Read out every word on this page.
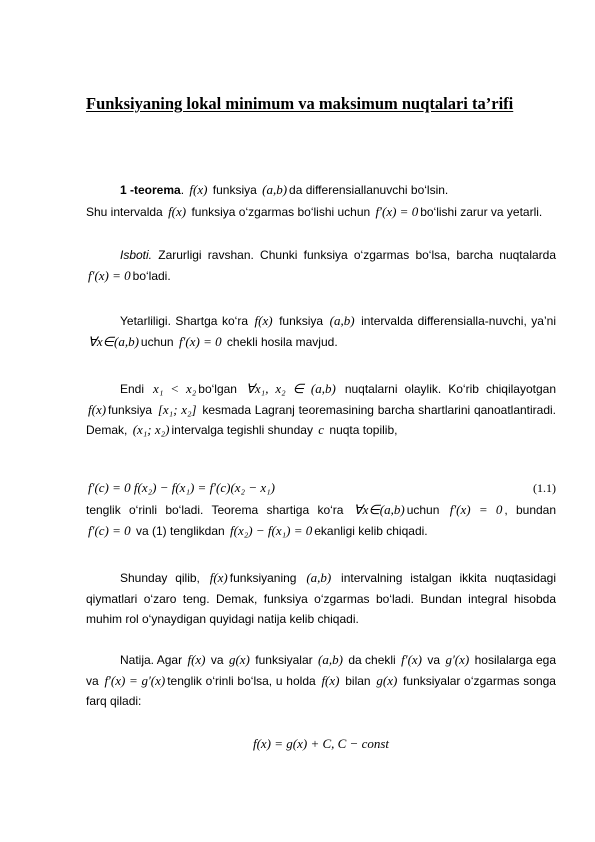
Funksiyaning lokal minimum va maksimum nuqtalari ta’rifi

1 -teorema. f(x) funksiya (a,b) da differensiallanuvchi bo‘lsin.

Shu intervalda f(x) funksiya o‘zgarmas bo‘lishi uchun f′(x) = 0 bo‘lishi zarur va yetarli.

Isboti. Zarurligi ravshan. Chunki funksiya o‘zgarmas bo‘lsa, barcha nuqtalarda f′(x) = 0 bo‘ladi.

Yetarliligi. Shartga ko‘ra f(x) funksiya (a,b) intervalda differensialla-nuvchi, ya’ni ∀x∈(a,b) uchun f′(x) = 0 chekli hosila mavjud.

Endi x₁ < x₂ bo‘lgan ∀x₁, x₂ ∈ (a,b) nuqtalarni olaylik. Ko‘rib chiqilayotgan f(x) funksiya [x₁; x₂] kesmada Lagranj teoremasining barcha shartlarini qanoatlantiradi. Demak, (x₁; x₂) intervalga tegishli shunday c nuqta topilib,

f′(c) = 0 f(x₂) − f(x₁) = f′(c)(x₂ − x₁)	(1.1)

tenglik o‘rinli bo‘ladi. Teorema shartiga ko‘ra ∀x∈(a,b) uchun f′(x) = 0 , bundan f′(c) = 0 va (1) tenglikdan f(x₂) − f(x₁) = 0 ekanligi kelib chiqadi.

Shunday qilib, f(x) funksiyaning (a,b) intervalning istalgan ikkita nuqtasidagi qiymatlari o‘zaro teng. Demak, funksiya o‘zgarmas bo‘ladi. Bundan integral hisobda muhim rol o‘ynaydigan quyidagi natija kelib chiqadi.

Natija. Agar f(x) va g(x) funksiyalar (a,b) da chekli f′(x) va g′(x) hosilalarga ega va f′(x) = g′(x) tenglik o‘rinli bo‘lsa, u holda f(x) bilan g(x) funksiyalar o‘zgarmas songa farq qiladi:

f(x) = g(x) + C, C − const
